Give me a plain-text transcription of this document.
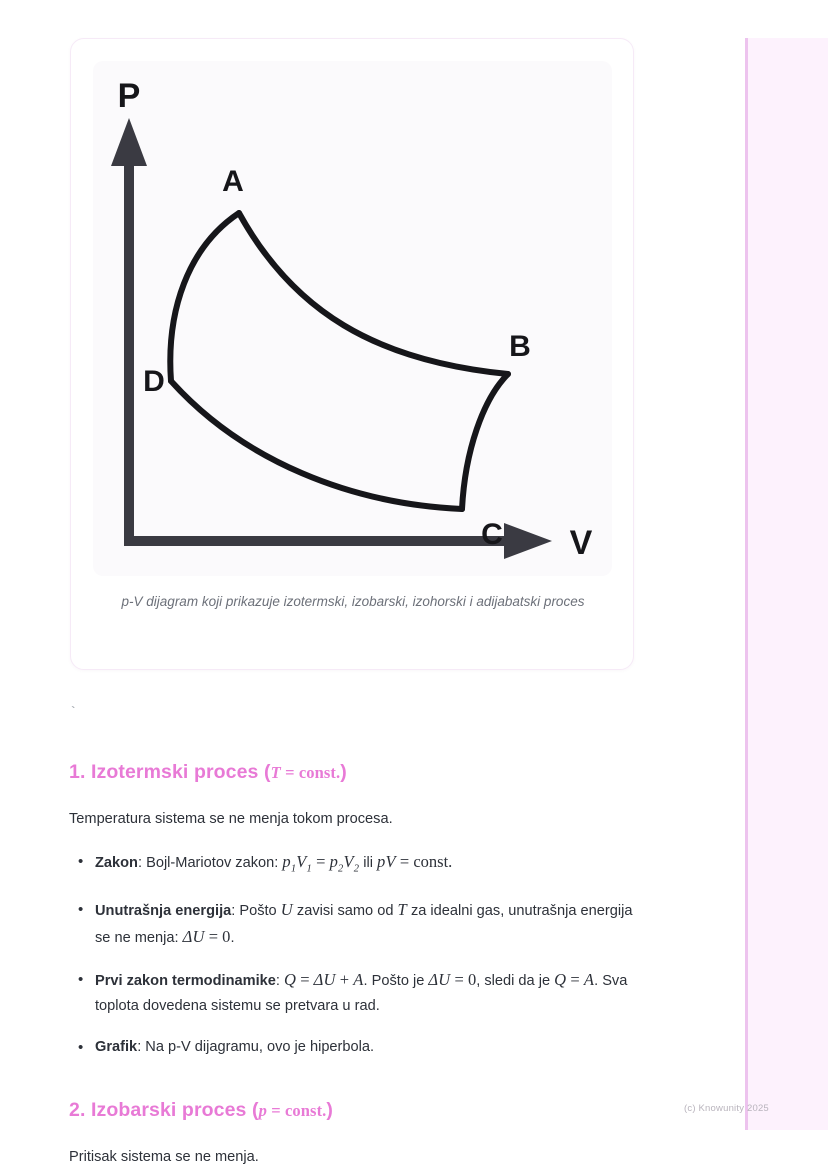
P
V
A
B
C
D
p-V dijagram koji prikazuje izotermski, izobarski, izohorski i adijabatski proces
`
1. Izotermski proces (T = const.)

Temperatura sistema se ne menja tokom procesa.

• Zakon: Bojl-Mariotov zakon: $p_1V_1 = p_2V_2$ ili pV = const.
• Unutrašnja energija: Pošto U zavisi samo od T za idealni gas, unutrašnja energija se ne menja: ΔU = 0.
• Prvi zakon termodinamike: Q = ΔU + A. Pošto je ΔU = 0, sledi da je Q = A. Sva toplota dovedena sistemu se pretvara u rad.
• Grafik: Na p-V dijagramu, ovo je hiperbola.
2. Izobarski proces (p = const.)

Pritisak sistema se ne menja.

(c) Knowunity 2025
